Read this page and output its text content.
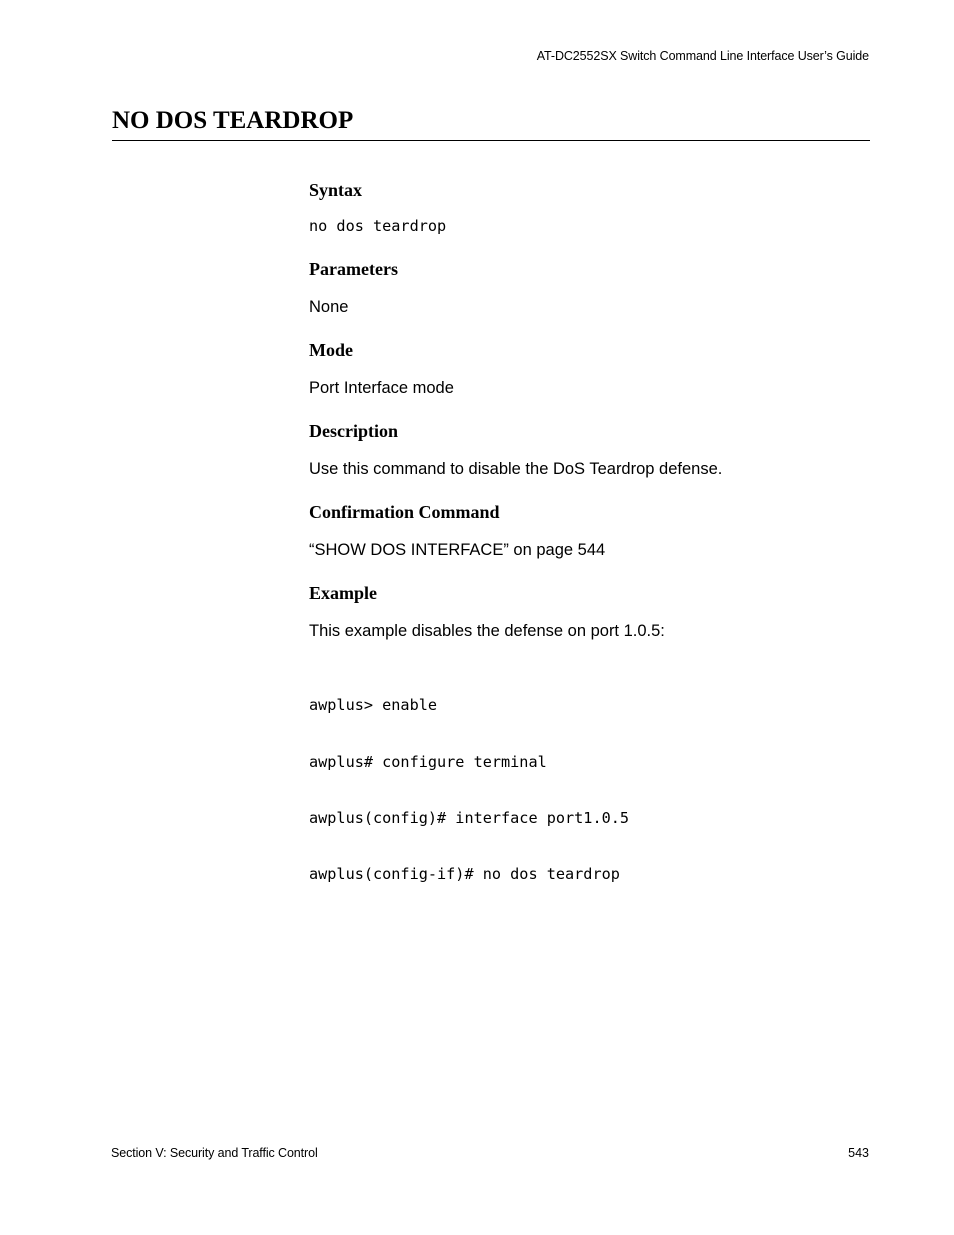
AT-DC2552SX Switch Command Line Interface User’s Guide
NO DOS TEARDROP
Syntax
no dos teardrop
Parameters

None

Mode

Port Interface mode

Description

Use this command to disable the DoS Teardrop defense.

Confirmation Command

“SHOW DOS INTERFACE” on page 544

Example

This example disables the defense on port 1.0.5:

awplus> enable

awplus# configure terminal

awplus(config)# interface port1.0.5

awplus(config-if)# no dos teardrop

Section V: Security and Traffic Control	543
